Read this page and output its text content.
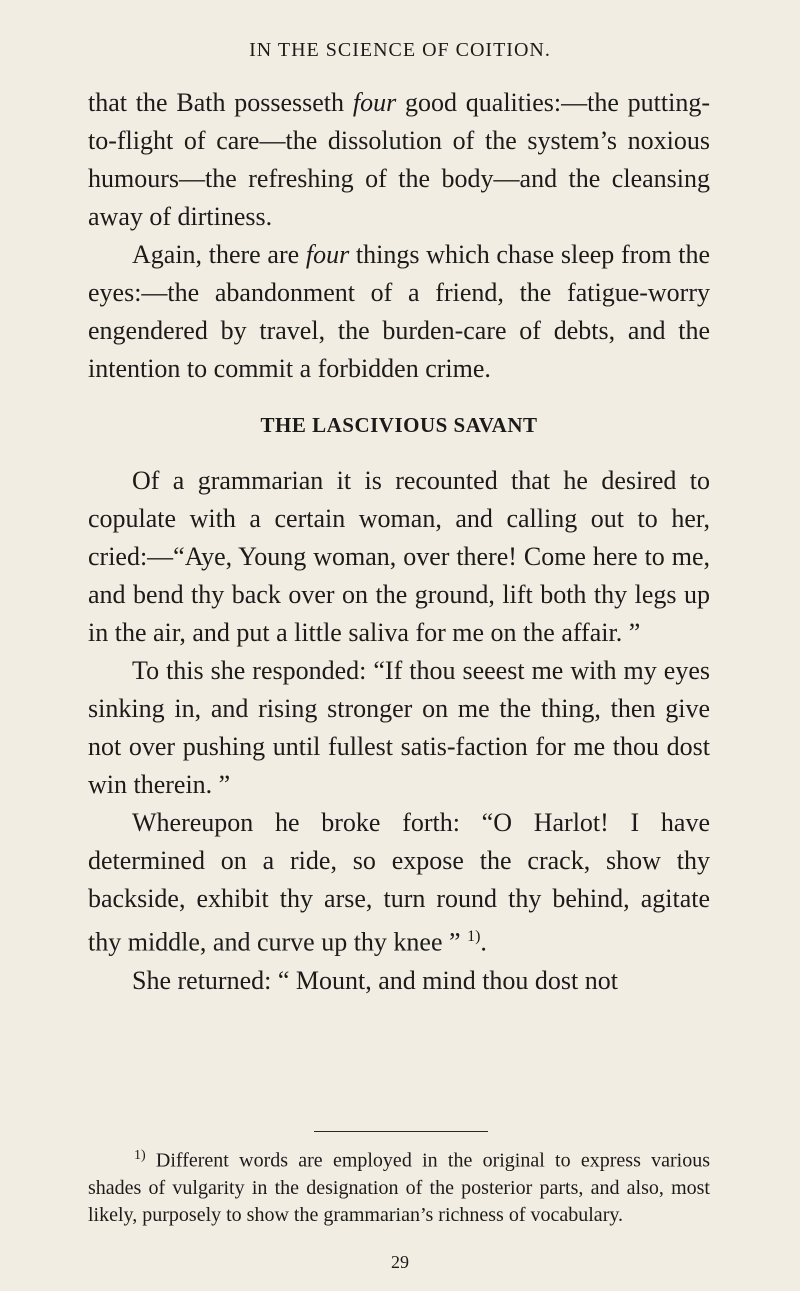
IN THE SCIENCE OF COITION.

that the Bath possesseth four good qualities:—the putting-to-flight of care—the dissolution of the system’s noxious humours—the refreshing of the body—and the cleansing away of dirtiness.

Again, there are four things which chase sleep from the eyes:—the abandonment of a friend, the fatigue-worry engendered by travel, the burden-care of debts, and the intention to commit a forbidden crime.

THE LASCIVIOUS SAVANT

Of a grammarian it is recounted that he desired to copulate with a certain woman, and calling out to her, cried:—“Aye, Young woman, over there! Come here to me, and bend thy back over on the ground, lift both thy legs up in the air, and put a little saliva for me on the affair. ”

To this she responded: “If thou seeest me with my eyes sinking in, and rising stronger on me the thing, then give not over pushing until fullest satis-faction for me thou dost win therein. ”

Whereupon he broke forth: “O Harlot! I have determined on a ride, so expose the crack, show thy backside, exhibit thy arse, turn round thy behind, agitate thy middle, and curve up thy knee ” $^{1)}$.

She returned: “ Mount, and mind thou dost not

$^{1)}$ Different words are employed in the original to express various shades of vulgarity in the designation of the posterior parts, and also, most likely, purposely to show the grammarian’s richness of vocabulary.

29
